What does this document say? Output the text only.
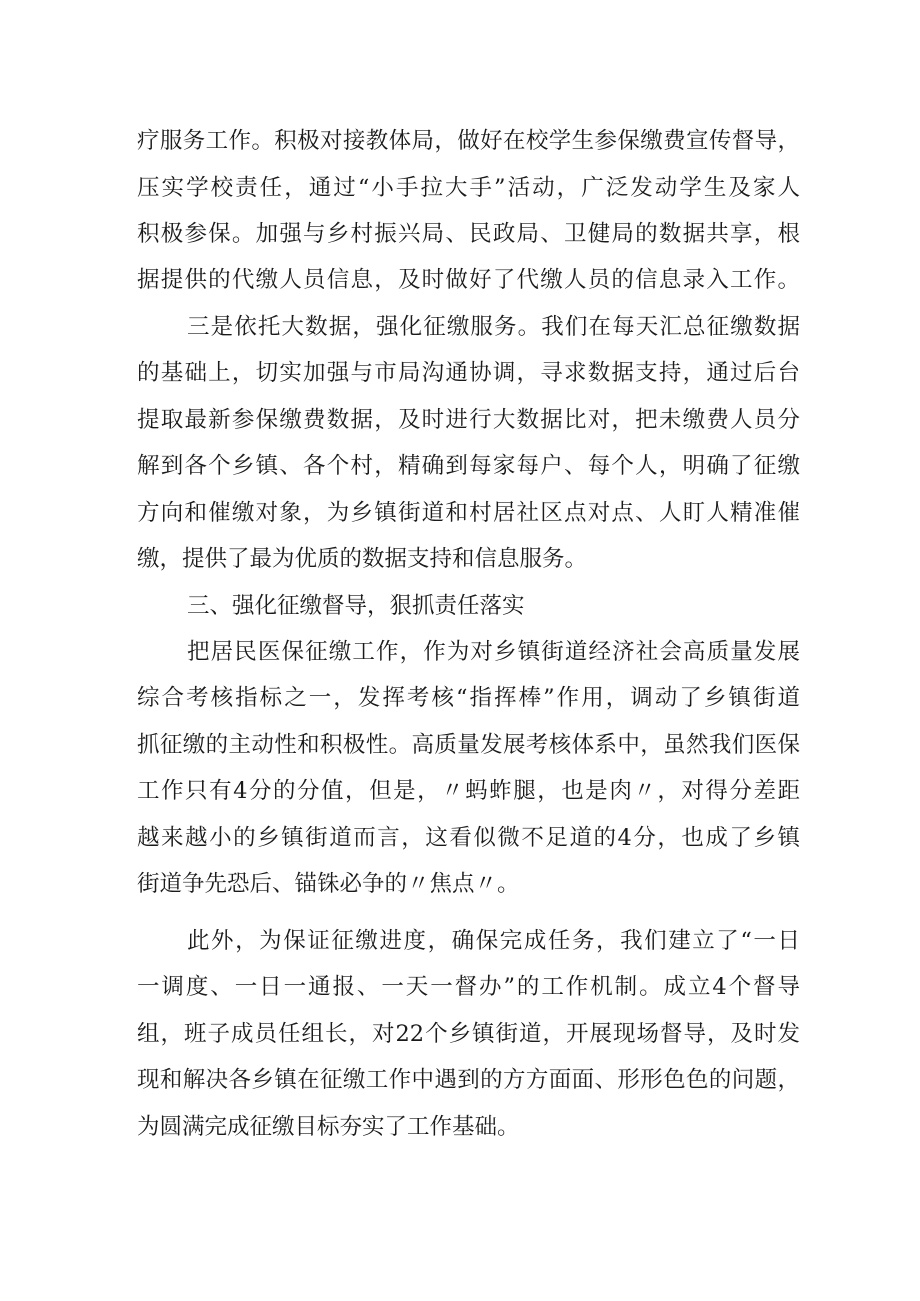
疗服务工作。积极对接教体局，做好在校学生参保缴费宣传督导，

压实学校责任，通过“小手拉大手”活动，广泛发动学生及家人

积极参保。加强与乡村振兴局、民政局、卫健局的数据共享，根

据提供的代缴人员信息，及时做好了代缴人员的信息录入工作。

三是依托大数据，强化征缴服务。我们在每天汇总征缴数据

的基础上，切实加强与市局沟通协调，寻求数据支持，通过后台

提取最新参保缴费数据，及时进行大数据比对，把未缴费人员分

解到各个乡镇、各个村，精确到每家每户、每个人，明确了征缴

方向和催缴对象，为乡镇街道和村居社区点对点、人盯人精准催

缴，提供了最为优质的数据支持和信息服务。

三、强化征缴督导，狠抓责任落实

把居民医保征缴工作，作为对乡镇街道经济社会高质量发展

综合考核指标之一，发挥考核“指挥棒”作用，调动了乡镇街道

抓征缴的主动性和积极性。高质量发展考核体系中，虽然我们医保

工作只有4分的分值，但是，〃蚂蚱腿，也是肉〃，对得分差距

越来越小的乡镇街道而言，这看似微不足道的4分，也成了乡镇

街道争先恐后、锚铢必争的〃焦点〃。

此外，为保证征缴进度，确保完成任务，我们建立了“一日

一调度、一日一通报、一天一督办”的工作机制。成立4个督导

组，班子成员任组长，对22个乡镇街道，开展现场督导，及时发

现和解决各乡镇在征缴工作中遇到的方方面面、形形色色的问题，

为圆满完成征缴目标夯实了工作基础。
